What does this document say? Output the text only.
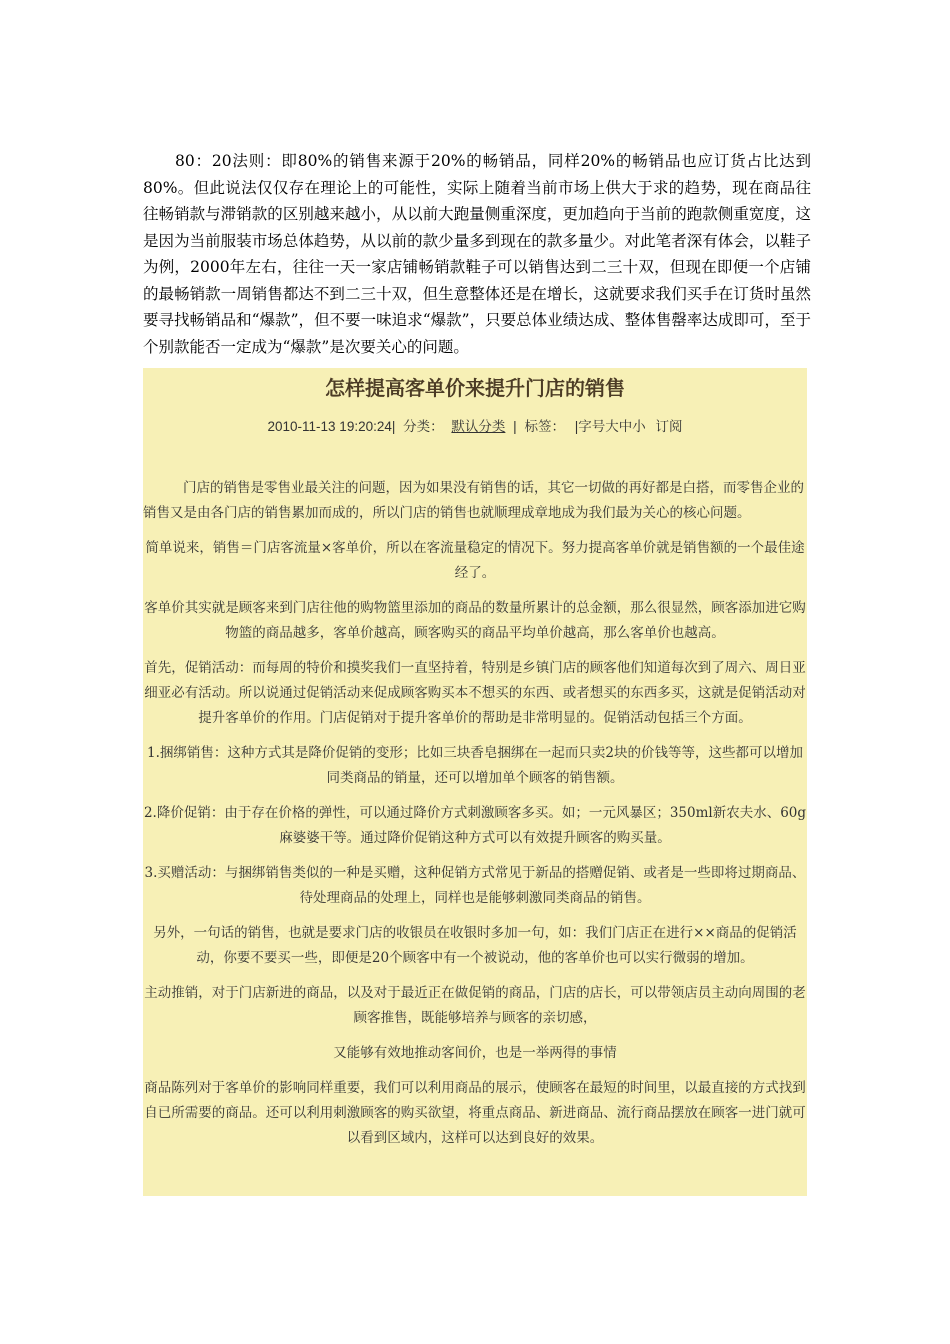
80：20法则：即80%的销售来源于20%的畅销品，同样20%的畅销品也应订货占比达到80%。但此说法仅仅存在理论上的可能性，实际上随着当前市场上供大于求的趋势，现在商品往往畅销款与滞销款的区别越来越小，从以前大跑量侧重深度，更加趋向于当前的跑款侧重宽度，这是因为当前服装市场总体趋势，从以前的款少量多到现在的款多量少。对此笔者深有体会，以鞋子为例，2000年左右，往往一天一家店铺畅销款鞋子可以销售达到二三十双，但现在即便一个店铺的最畅销款一周销售都达不到二三十双，但生意整体还是在增长，这就要求我们买手在订货时虽然要寻找畅销品和“爆款”，但不要一味追求“爆款”，只要总体业绩达成、整体售罄率达成即可，至于个别款能否一定成为“爆款”是次要关心的问题。

怎样提高客单价来提升门店的销售
2010-11-13 19:20:24| 分类： 默认分类 | 标签： |字号大中小 订阅

门店的销售是零售业最关注的问题，因为如果没有销售的话，其它一切做的再好都是白搭，而零售企业的销售又是由各门店的销售累加而成的，所以门店的销售也就顺理成章地成为我们最为关心的核心问题。

简单说来，销售＝门店客流量×客单价，所以在客流量稳定的情况下。努力提高客单价就是销售额的一个最佳途经了。

客单价其实就是顾客来到门店往他的购物篮里添加的商品的数量所累计的总金额，那么很显然，顾客添加进它购物篮的商品越多，客单价越高，顾客购买的商品平均单价越高，那么客单价也越高。

首先，促销活动：而每周的特价和摸奖我们一直坚持着，特别是乡镇门店的顾客他们知道每次到了周六、周日亚细亚必有活动。所以说通过促销活动来促成顾客购买本不想买的东西、或者想买的东西多买，这就是促销活动对提升客单价的作用。门店促销对于提升客单价的帮助是非常明显的。促销活动包括三个方面。

1.捆绑销售：这种方式其是降价促销的变形；比如三块香皂捆绑在一起而只卖2块的价钱等等，这些都可以增加同类商品的销量，还可以增加单个顾客的销售额。

2.降价促销：由于存在价格的弹性，可以通过降价方式刺激顾客多买。如；一元风暴区；350ml新农夫水、60g麻婆婆干等。通过降价促销这种方式可以有效提升顾客的购买量。

3.买赠活动：与捆绑销售类似的一种是买赠，这种促销方式常见于新品的搭赠促销、或者是一些即将过期商品、待处理商品的处理上，同样也是能够刺激同类商品的销售。

另外，一句话的销售，也就是要求门店的收银员在收银时多加一句，如：我们门店正在进行××商品的促销活动，你要不要买一些，即便是20个顾客中有一个被说动，他的客单价也可以实行微弱的增加。

主动推销，对于门店新进的商品，以及对于最近正在做促销的商品，门店的店长，可以带领店员主动向周围的老顾客推售，既能够培养与顾客的亲切感，

又能够有效地推动客间价，也是一举两得的事情

商品陈列对于客单价的影响同样重要，我们可以利用商品的展示，使顾客在最短的时间里，以最直接的方式找到自已所需要的商品。还可以利用刺激顾客的购买欲望，将重点商品、新进商品、流行商品摆放在顾客一进门就可以看到区域内，这样可以达到良好的效果。
